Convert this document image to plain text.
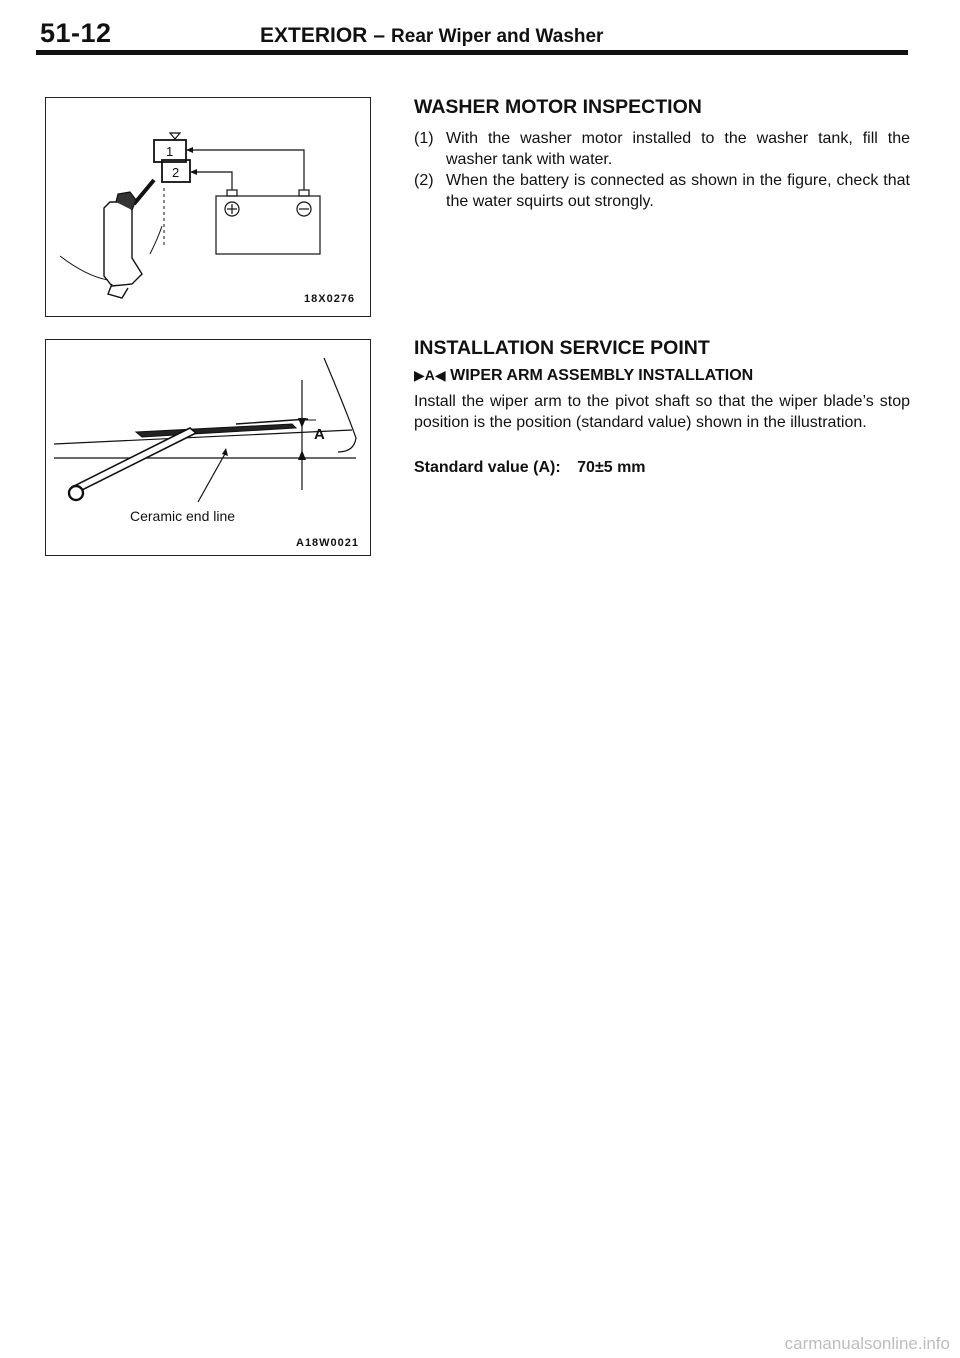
51-12	EXTERIOR – Rear Wiper and Washer
1
2
18X0276
A
Ceramic end line
A18W0021
WASHER MOTOR INSPECTION
(1) With the washer motor installed to the washer tank, fill the washer tank with water.
(2) When the battery is connected as shown in the figure, check that the water squirts out strongly.
INSTALLATION SERVICE POINT
▶A◀ WIPER ARM ASSEMBLY INSTALLATION
Install the wiper arm to the pivot shaft so that the wiper blade’s stop position is the position (standard value) shown in the illustration.
Standard value (A): 70±5 mm
carmanualsonline.info
